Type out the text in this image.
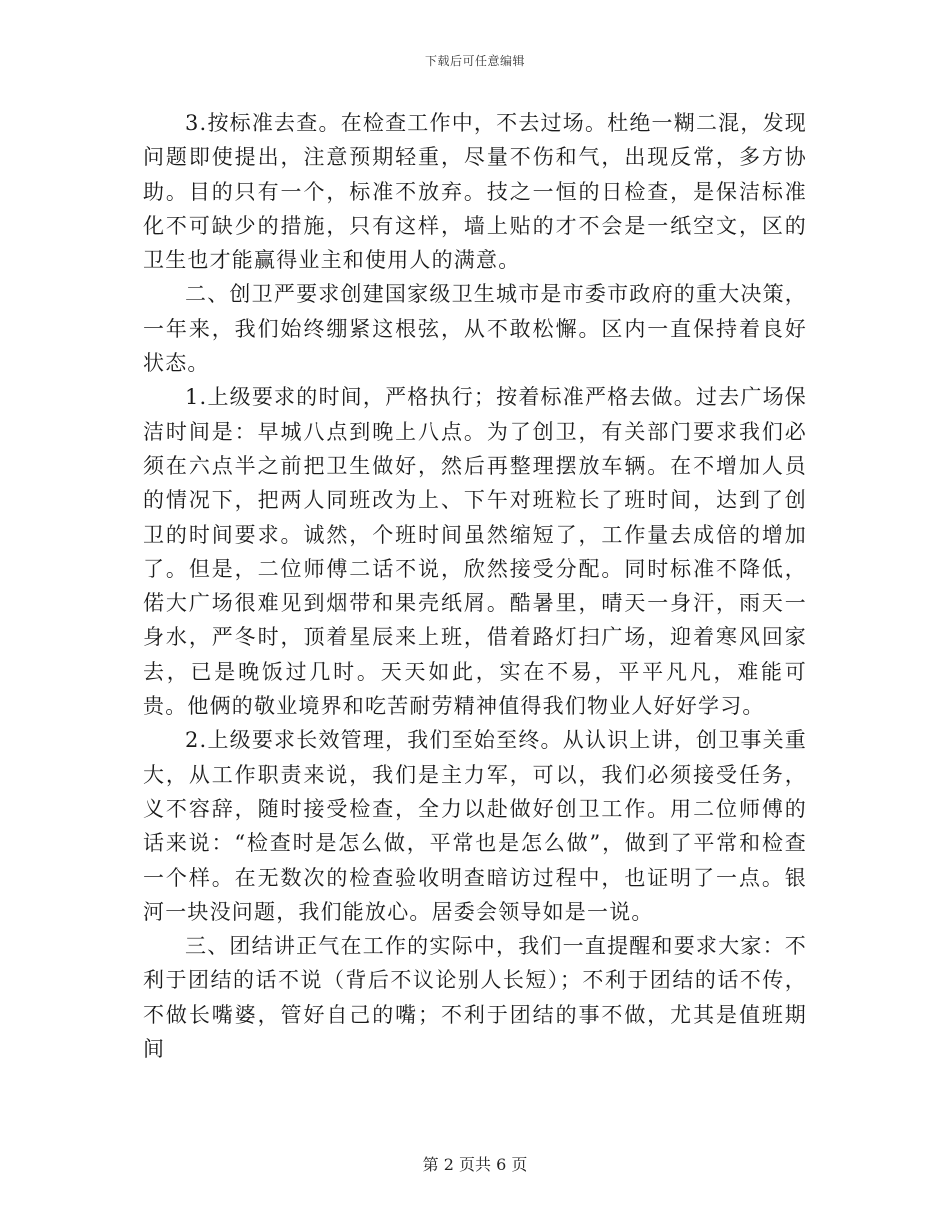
下载后可任意编辑

3.按标准去查。在检查工作中，不去过场。杜绝一糊二混，发现问题即使提出，注意预期轻重，尽量不伤和气，出现反常，多方协助。目的只有一个，标准不放弃。技之一恒的日检查，是保洁标准化不可缺少的措施，只有这样，墙上贴的才不会是一纸空文，区的卫生也才能赢得业主和使用人的满意。

二、创卫严要求创建国家级卫生城市是市委市政府的重大决策，一年来，我们始终绷紧这根弦，从不敢松懈。区内一直保持着良好状态。

1.上级要求的时间，严格执行；按着标准严格去做。过去广场保洁时间是：早城八点到晚上八点。为了创卫，有关部门要求我们必须在六点半之前把卫生做好，然后再整理摆放车辆。在不增加人员的情况下，把两人同班改为上、下午对班粒长了班时间，达到了创卫的时间要求。诚然，个班时间虽然缩短了，工作量去成倍的增加了。但是，二位师傅二话不说，欣然接受分配。同时标准不降低，偌大广场很难见到烟带和果壳纸屑。酷暑里，晴天一身汗，雨天一身水，严冬时，顶着星辰来上班，借着路灯扫广场，迎着寒风回家去，已是晚饭过几时。天天如此，实在不易，平平凡凡，难能可贵。他俩的敬业境界和吃苦耐劳精神值得我们物业人好好学习。

2.上级要求长效管理，我们至始至终。从认识上讲，创卫事关重大，从工作职责来说，我们是主力军，可以，我们必须接受任务，义不容辞，随时接受检查，全力以赴做好创卫工作。用二位师傅的话来说：“检查时是怎么做，平常也是怎么做”，做到了平常和检查一个样。在无数次的检查验收明查暗访过程中，也证明了一点。银河一块没问题，我们能放心。居委会领导如是一说。

三、团结讲正气在工作的实际中，我们一直提醒和要求大家：不利于团结的话不说（背后不议论别人长短）；不利于团结的话不传，不做长嘴婆，管好自己的嘴；不利于团结的事不做，尤其是值班期间

第 2 页共 6 页
